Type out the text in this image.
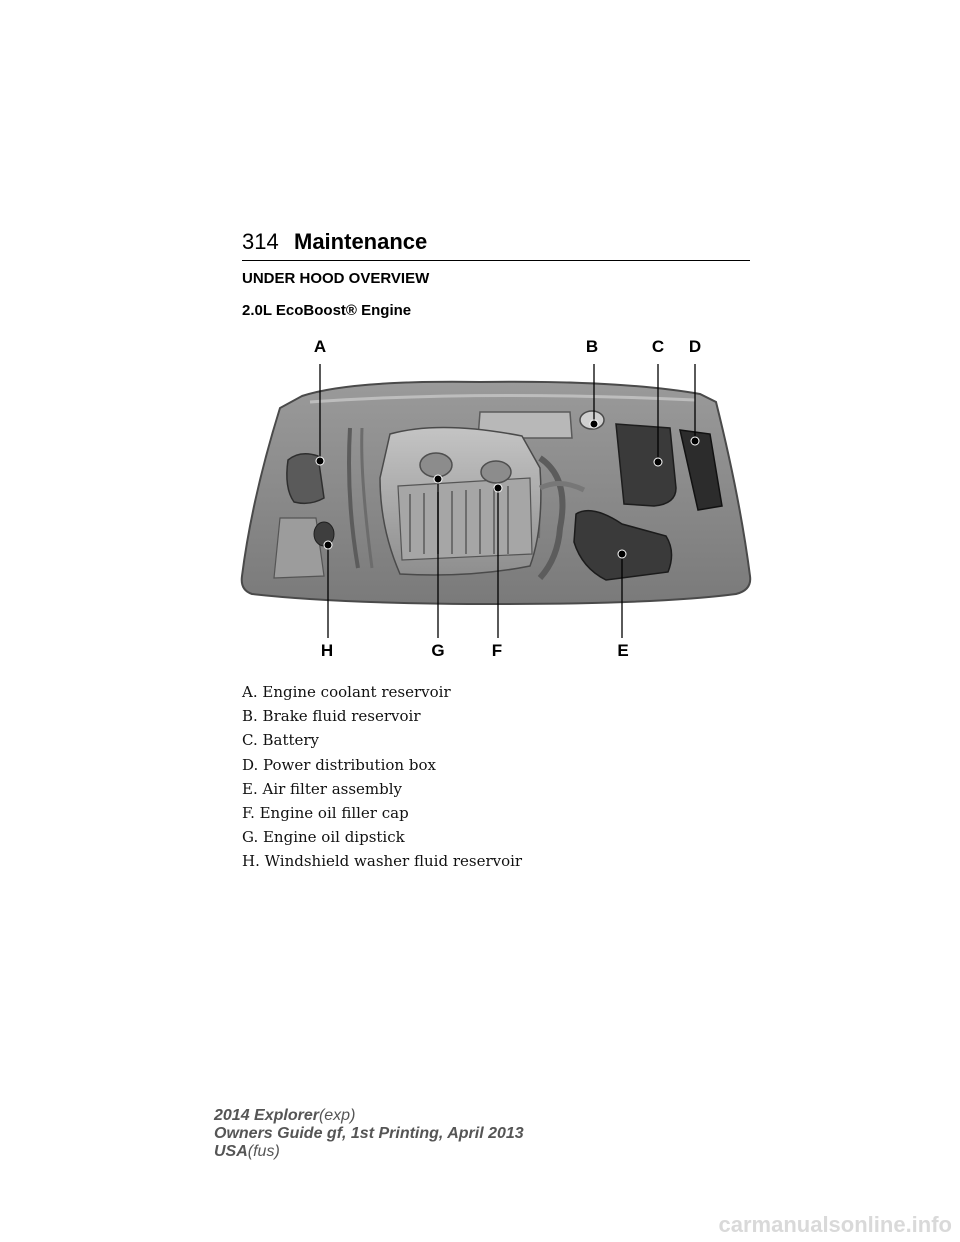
314 Maintenance
UNDER HOOD OVERVIEW
2.0L EcoBoost® Engine
A	B	C D
E
F
G
H
A. Engine coolant reservoir
B. Brake fluid reservoir
C. Battery
D. Power distribution box
E. Air filter assembly
F. Engine oil filler cap
G. Engine oil dipstick
H. Windshield washer fluid reservoir
2014 Explorer(exp)
Owners Guide gf, 1st Printing, April 2013
USA(fus)
carmanualsonline.info
